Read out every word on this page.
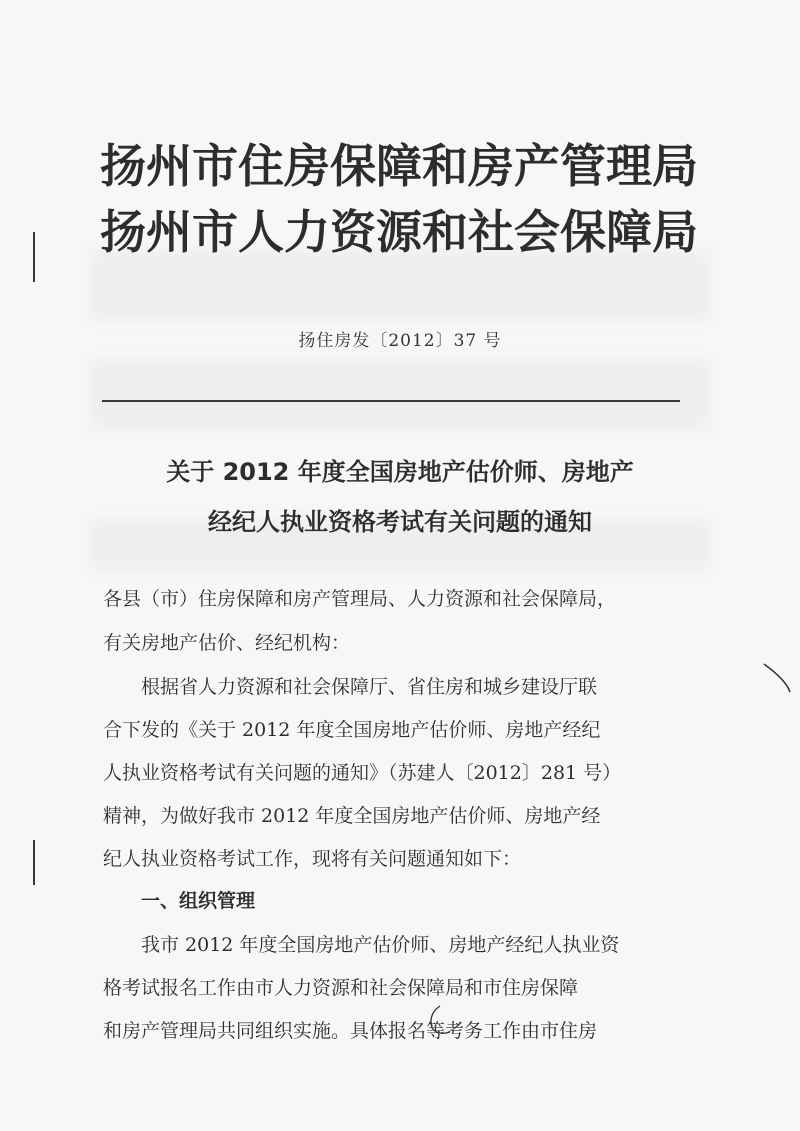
扬州市住房保障和房产管理局
扬州市人力资源和社会保障局
扬住房发〔2012〕37 号
关于 2012 年度全国房地产估价师、房地产
经纪人执业资格考试有关问题的通知
各县（市）住房保障和房产管理局、人力资源和社会保障局，
有关房地产估价、经纪机构：
　　根据省人力资源和社会保障厅、省住房和城乡建设厅联
合下发的《关于 2012 年度全国房地产估价师、房地产经纪
人执业资格考试有关问题的通知》（苏建人〔2012〕281 号）
精神，为做好我市 2012 年度全国房地产估价师、房地产经
纪人执业资格考试工作，现将有关问题通知如下：
　　一、组织管理
　　我市 2012 年度全国房地产估价师、房地产经纪人执业资
格考试报名工作由市人力资源和社会保障局和市住房保障
和房产管理局共同组织实施。具体报名等考务工作由市住房
